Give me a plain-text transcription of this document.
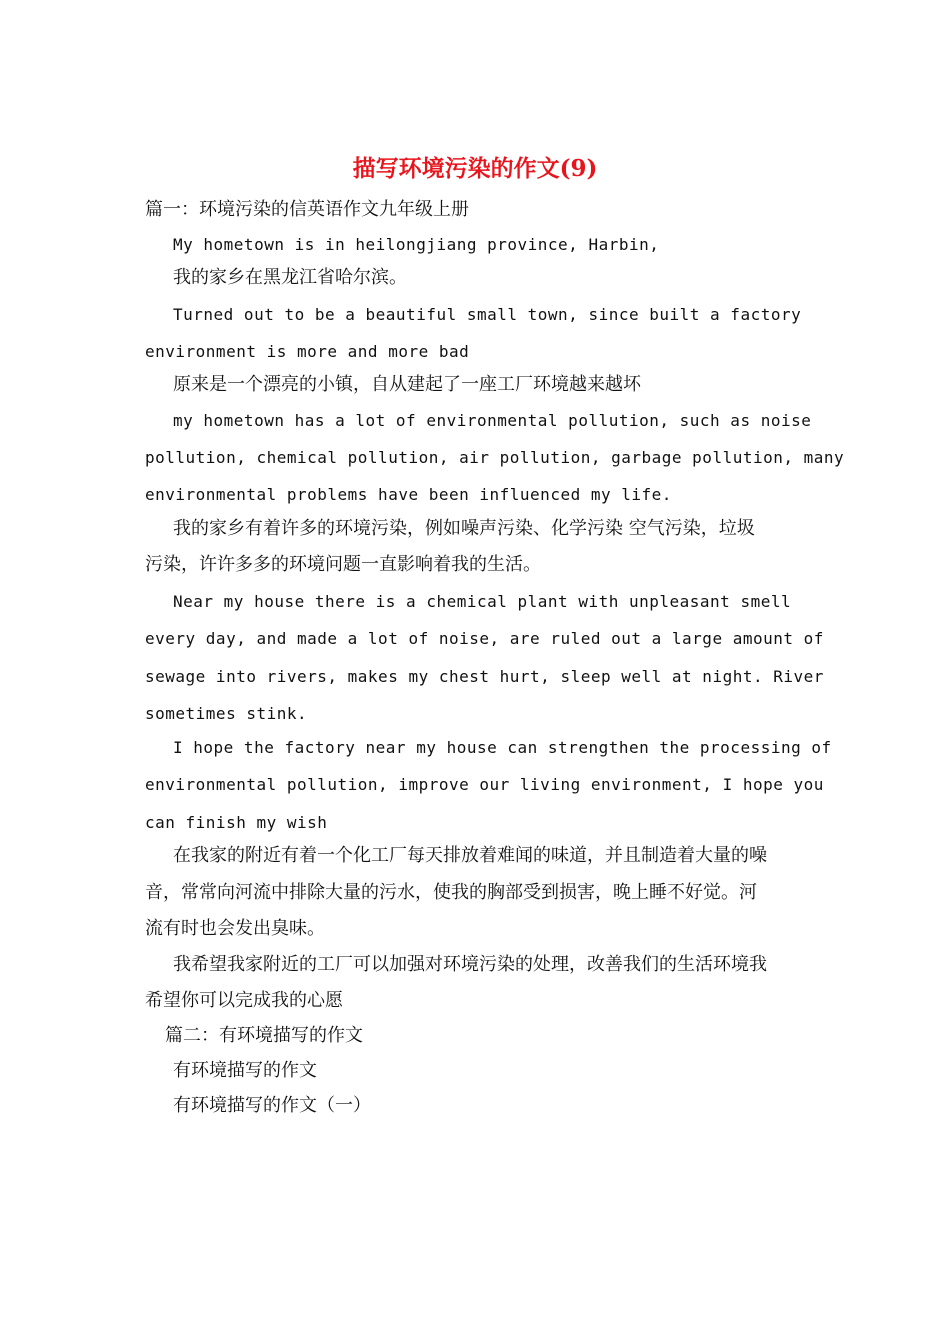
描写环境污染的作文(9)

篇一：环境污染的信英语作文九年级上册

My hometown is in heilongjiang province, Harbin,

我的家乡在黑龙江省哈尔滨。

Turned out to be a beautiful small town, since built a factory

environment is more and more bad

原来是一个漂亮的小镇，自从建起了一座工厂环境越来越坏

my hometown has a lot of environmental pollution, such as noise

pollution, chemical pollution, air pollution, garbage pollution, many

environmental problems have been influenced my life.

我的家乡有着许多的环境污染，例如噪声污染、化学污染 空气污染，垃圾

污染，许许多多的环境问题一直影响着我的生活。

Near my house there is a chemical plant with unpleasant smell

every day, and made a lot of noise, are ruled out a large amount of

sewage into rivers, makes my chest hurt, sleep well at night. River

sometimes stink.

I hope the factory near my house can strengthen the processing of

environmental pollution, improve our living environment, I hope you

can finish my wish

在我家的附近有着一个化工厂每天排放着难闻的味道，并且制造着大量的噪

音，常常向河流中排除大量的污水，使我的胸部受到损害，晚上睡不好觉。河

流有时也会发出臭味。

我希望我家附近的工厂可以加强对环境污染的处理，改善我们的生活环境我

希望你可以完成我的心愿

篇二：有环境描写的作文

有环境描写的作文

有环境描写的作文（一）
